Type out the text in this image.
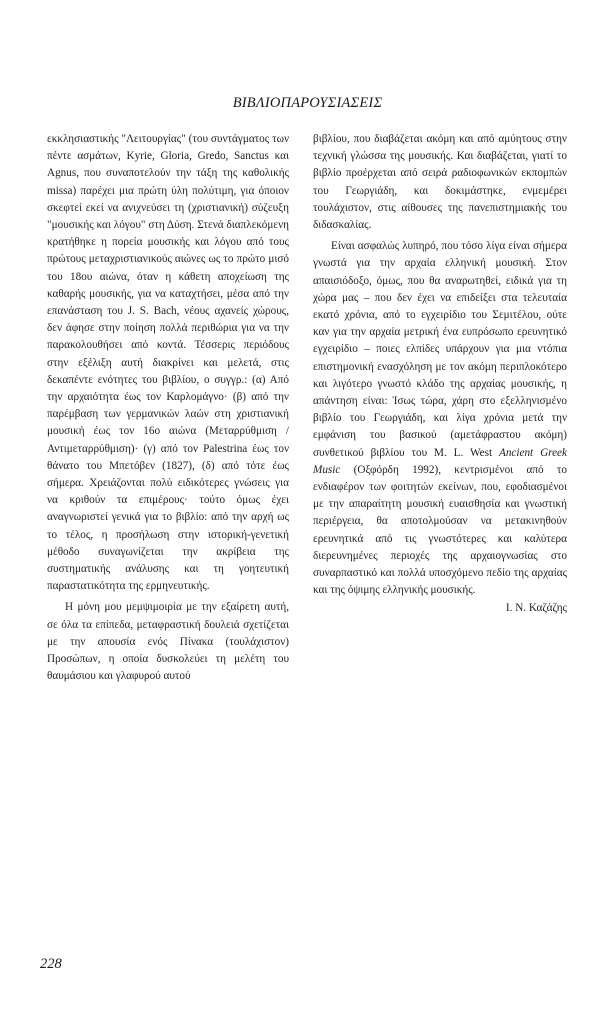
ΒΙΒΛΙΟΠΑΡΟΥΣΙΑΣΕΙΣ

εκκλησιαστικής "Λειτουργίας" (του συντάγματος των πέντε ασμάτων, Kyrie, Gloria, Gredo, Sanctus και Agnus, που συναποτελούν την τάξη της καθολικής missa) παρέχει μια πρώτη ύλη πολύτιμη, για όποιον σκεφτεί εκεί να ανιχνεύσει τη (χριστιανική) σύζευξη "μουσικής και λόγου" στη Δύση. Στενά διαπλεκόμενη κρατήθηκε η πορεία μουσικής και λόγου από τους πρώτους μεταχριστιανικούς αιώνες ως το πρώτο μισό του 18ου αιώνα, όταν η κάθετη αποχείωση της καθαρής μουσικής, για να καταχτήσει, μέσα από την επανάσταση του J. S. Bach, νέους αχανείς χώρους, δεν άφησε στην ποίηση πολλά περιθώρια για να την παρακολουθήσει από κοντά. Τέσσερις περιόδους στην εξέλιξη αυτή διακρίνει και μελετά, στις δεκαπέντε ενότητες του βιβλίου, ο συγγρ.: (α) Από την αρχαιότητα έως τον Καρλομάγνο· (β) από την παρέμβαση των γερμανικών λαών στη χριστιανική μουσική έως τον 16ο αιώνα (Μεταρρύθμιση / Αντιμεταρρύθμιση)· (γ) από τον Palestrina έως τον θάνατο του Μπετόβεν (1827), (δ) από τότε έως σήμερα. Χρειάζονται πολύ ειδικότερες γνώσεις για να κριθούν τα επιμέρους· τούτο όμως έχει αναγνωριστεί γενικά για το βιβλίο: από την αρχή ως το τέλος, η προσήλωση στην ιστορική-γενετική μέθοδο συναγωνίζεται την ακρίβεια της συστηματικής ανάλυσης και τη γοητευτική παραστατικότητα της ερμηνευτικής.

Η μόνη μου μεμψιμοιρία με την εξαίρετη αυτή, σε όλα τα επίπεδα, μεταφραστική δουλειά σχετίζεται με την απουσία ενός Πίνακα (τουλάχιστον) Προσώπων, η οποία δυσκολεύει τη μελέτη του θαυμάσιου και γλαφυρού αυτού

βιβλίου, που διαβάζεται ακόμη και από αμύητους στην τεχνική γλώσσα της μουσικής. Και διαβάζεται, γιατί το βιβλίο προέρχεται από σειρά ραδιοφωνικών εκπομπών του Γεωργιάδη, και δοκιμάστηκε, ενμεμέρει τουλάχιστον, στις αίθουσες της πανεπιστημιακής του διδασκαλίας.

Είναι ασφαλώς λυπηρό, που τόσο λίγα είναι σήμερα γνωστά για την αρχαία ελληνική μουσική. Στον απαισιόδοξο, όμως, που θα αναρωτηθεί, ειδικά για τη χώρα μας – που δεν έχει να επιδείξει στα τελευταία εκατό χρόνια, από το εγχειρίδιο του Σεμιτέλου, ούτε καν για την αρχαία μετρική ένα ευπρόσωπο ερευνητικό εγχειρίδιο – ποιες ελπίδες υπάρχουν για μια ντόπια επιστημονική ενασχόληση με τον ακόμη περιπλοκότερο και λιγότερο γνωστό κλάδο της αρχαίας μουσικής, η απάντηση είναι: Ίσως τώρα, χάρη στο εξελληνισμένο βιβλίο του Γεωργιάδη, και λίγα χρόνια μετά την εμφάνιση του βασικού (αμετάφραστου ακόμη) συνθετικού βιβλίου του M. L. West Ancient Greek Music (Οξφόρδη 1992), κεντρισμένοι από το ενδιαφέρον των φοιτητών εκείνων, που, εφοδιασμένοι με την απαραίτητη μουσική ευαισθησία και γνωστική περιέργεια, θα αποτολμούσαν να μετακινηθούν ερευνητικά από τις γνωστότερες και καλύτερα διερευνημένες περιοχές της αρχαιογνωσίας στο συναρπαστικό και πολλά υποσχόμενο πεδίο της αρχαίας και της όψιμης ελληνικής μουσικής.

Ι. Ν. Καζάζης
228
